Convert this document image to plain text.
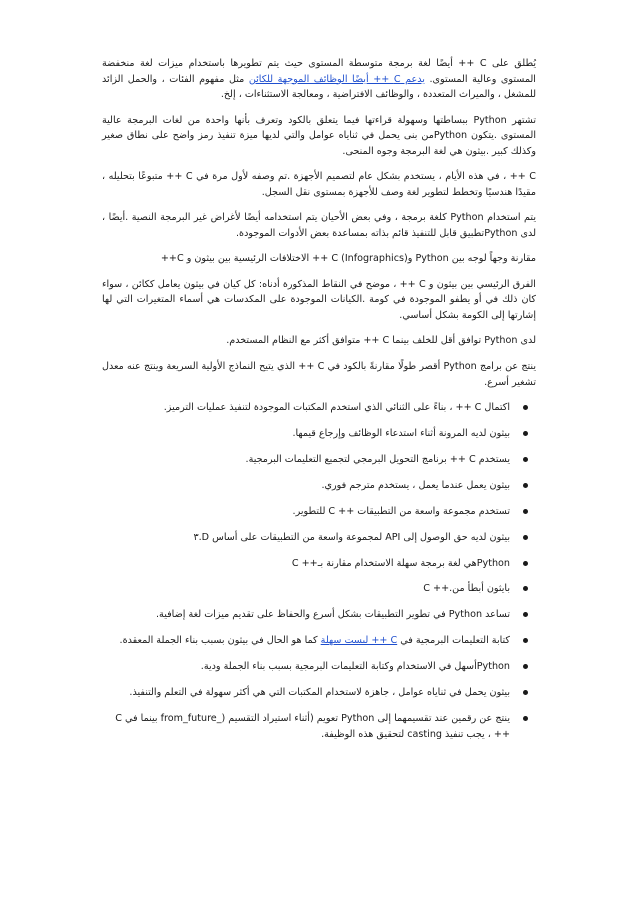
يُطلق على C ++ أيضًا لغة برمجة متوسطة المستوى حيث يتم تطويرها باستخدام ميزات لغة منخفضة المستوى وعالية المستوى. يدعم C ++ أيضًا الوظائف الموجهة للكائن مثل مفهوم الفئات ، والحمل الزائد للمشغل ، والميراث المتعددة ، والوظائف الافتراضية ، ومعالجة الاستثناءات ، إلخ.

تشتهر Python ببساطتها وسهولة قراءتها فيما يتعلق بالكود وتعرف بأنها واحدة من لغات البرمجة عالية المستوى .يتكون Pythonمن بنى يحمل في ثناياه عوامل والتي لديها ميزة تنفيذ رمز واضح على نطاق صغير وكذلك كبير .بيثون هي لغة البرمجة وجوه المنحى.

C ++ ، في هذه الأيام ، يستخدم بشكل عام لتصميم الأجهزة .تم وصفه لأول مرة في C ++ متبوعًا بتحليله ، مقيدًا هندسيًا وتخطط لتطوير لغة وصف للأجهزة بمستوى نقل السجل.

يتم استخدام Python كلغة برمجة ، وفي بعض الأحيان يتم استخدامه أيضًا لأغراض غير البرمجة النصية .أيضًا ، لدى Pythonتطبيق قابل للتنفيذ قائم بذاته بمساعدة بعض الأدوات الموجودة.

مقارنة وجهاً لوجه بين Python و(Infographics) C ++ الاختلافات الرئيسية بين بيثون و C++

الفرق الرئيسي بين بيثون و C ++ ، موضح في النقاط المذكورة أدناه: كل كيان في بيثون يعامل ككائن ، سواء كان ذلك في أو يطفو الموجودة في كومة .الكيانات الموجودة على المكدسات هي أسماء المتغيرات التي لها إشارتها إلى الكومة بشكل أساسي.

لدى Python توافق أقل للخلف بينما C ++ متوافق أكثر مع النظام المستخدم.

ينتج عن برامج Python أقصر طولًا مقارنةً بالكود في C ++ الذي يتيح النماذج الأولية السريعة وينتج عنه معدل تشغير أسرع.

اكتمال C ++ ، بناءً على الثنائي الذي استخدم المكتبات الموجودة لتنفيذ عمليات الترميز.
بيثون لديه المرونة أثناء استدعاء الوظائف وإرجاع قيمها.
يستخدم C ++ برنامج التحويل البرمجي لتجميع التعليمات البرمجية.
بيثون يعمل عندما يعمل ، يستخدم مترجم فوري.
تستخدم مجموعة واسعة من التطبيقات ++ C للتطوير.
بيثون لديه حق الوصول إلى API لمجموعة واسعة من التطبيقات على أساس D.٣
Pythonهي لغة برمجة سهلة الاستخدام مقارنة بـ++ C
بايثون أبطأ من.++ C
تساعد Python في تطوير التطبيقات بشكل أسرع والحفاظ على تقديم ميزات لغة إضافية.
كتابة التعليمات البرمجية في C ++ ليست سهلة كما هو الحال في بيثون بسبب بناء الجملة المعقدة.
Pythonأسهل في الاستخدام وكتابة التعليمات البرمجية بسبب بناء الجملة ودية.
بيثون يحمل في ثناياه عوامل ، جاهزة لاستخدام المكتبات التي هي أكثر سهولة في التعلم والتنفيذ.
ينتج عن رقمين عند تقسيمهما إلى Python تعويم (أثناء استيراد التقسيم (_from_future بينما في C ++ ، يجب تنفيذ casting لتحقيق هذه الوظيفة.
